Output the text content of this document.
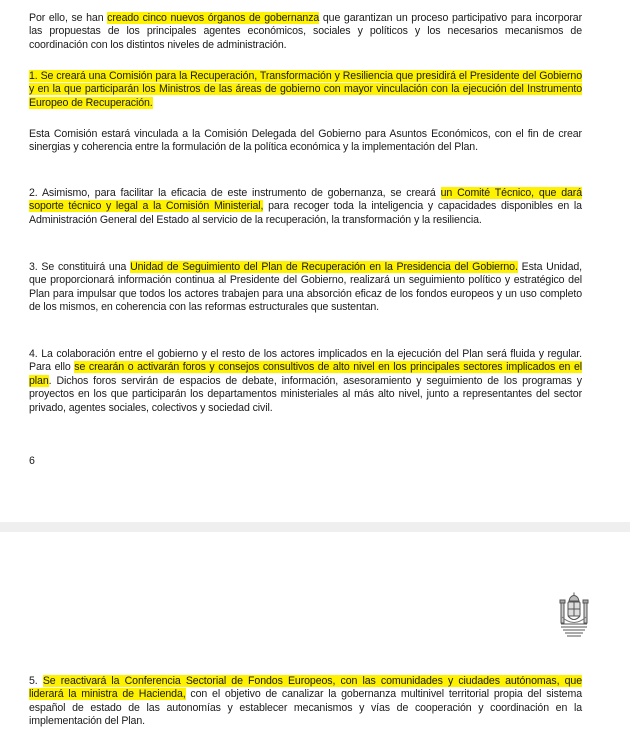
Por ello, se han creado cinco nuevos órganos de gobernanza que garantizan un proceso participativo para incorporar las propuestas de los principales agentes económicos, sociales y políticos y los necesarios mecanismos de coordinación con los distintos niveles de administración.

1. Se creará una Comisión para la Recuperación, Transformación y Resiliencia que presidirá el Presidente del Gobierno y en la que participarán los Ministros de las áreas de gobierno con mayor vinculación con la ejecución del Instrumento Europeo de Recuperación.

Esta Comisión estará vinculada a la Comisión Delegada del Gobierno para Asuntos Económicos, con el fin de crear sinergias y coherencia entre la formulación de la política económica y la implementación del Plan.

2. Asimismo, para facilitar la eficacia de este instrumento de gobernanza, se creará un Comité Técnico, que dará soporte técnico y legal a la Comisión Ministerial, para recoger toda la inteligencia y capacidades disponibles en la Administración General del Estado al servicio de la recuperación, la transformación y la resiliencia.

3. Se constituirá una Unidad de Seguimiento del Plan de Recuperación en la Presidencia del Gobierno. Esta Unidad, que proporcionará información continua al Presidente del Gobierno, realizará un seguimiento político y estratégico del Plan para impulsar que todos los actores trabajen para una absorción eficaz de los fondos europeos y un uso completo de los mismos, en coherencia con las reformas estructurales que sustentan.

4. La colaboración entre el gobierno y el resto de los actores implicados en la ejecución del Plan será fluida y regular. Para ello se crearán o activarán foros y consejos consultivos de alto nivel en los principales sectores implicados en el plan. Dichos foros servirán de espacios de debate, información, asesoramiento y seguimiento de los programas y proyectos en los que participarán los departamentos ministeriales al más alto nivel, junto a representantes del sector privado, agentes sociales, colectivos y sociedad civil.

6

5. Se reactivará la Conferencia Sectorial de Fondos Europeos, con las comunidades y ciudades autónomas, que liderará la ministra de Hacienda, con el objetivo de canalizar la gobernanza multinivel territorial propia del sistema español de estado de las autonomías y establecer mecanismos y vías de cooperación y coordinación en la implementación del Plan.
